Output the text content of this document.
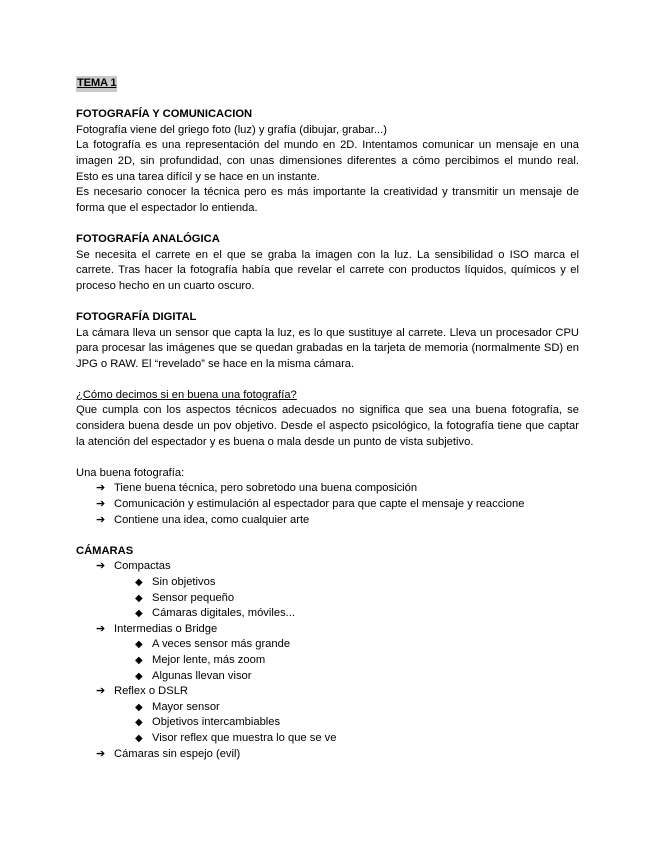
TEMA 1
FOTOGRAFÍA Y COMUNICACION

Fotografía viene del griego foto (luz) y grafía (dibujar, grabar...)

La fotografía es una representación del mundo en 2D. Intentamos comunicar un mensaje en una imagen 2D, sin profundidad, con unas dimensiones diferentes a cómo percibimos el mundo real. Esto es una tarea difícil y se hace en un instante.

Es necesario conocer la técnica pero es más importante la creatividad y transmitir un mensaje de forma que el espectador lo entienda.

FOTOGRAFÍA ANALÓGICA

Se necesita el carrete en el que se graba la imagen con la luz. La sensibilidad o ISO marca el carrete. Tras hacer la fotografía había que revelar el carrete con productos líquidos, químicos y el proceso hecho en un cuarto oscuro.

FOTOGRAFÍA DIGITAL

La cámara lleva un sensor que capta la luz, es lo que sustituye al carrete. Lleva un procesador CPU para procesar las imágenes que se quedan grabadas en la tarjeta de memoria (normalmente SD) en JPG o RAW. El “revelado” se hace en la misma cámara.

¿Cómo decimos si en buena una fotografía?

Que cumpla con los aspectos técnicos adecuados no significa que sea una buena fotografía, se considera buena desde un pov objetivo. Desde el aspecto psicológico, la fotografía tiene que captar la atención del espectador y es buena o mala desde un punto de vista subjetivo.

Una buena fotografía:

➔ Tiene buena técnica, pero sobretodo una buena composición
➔ Comunicación y estimulación al espectador para que capte el mensaje y reaccione
➔ Contiene una idea, como cualquier arte
CÁMARAS
➔ Compactas
◆ Sin objetivos
◆ Sensor pequeño
◆ Cámaras digitales, móviles...
➔ Intermedias o Bridge
◆ A veces sensor más grande
◆ Mejor lente, más zoom
◆ Algunas llevan visor
➔ Reflex o DSLR
◆ Mayor sensor
◆ Objetivos intercambiables
◆ Visor reflex que muestra lo que se ve
➔ Cámaras sin espejo (evil)
